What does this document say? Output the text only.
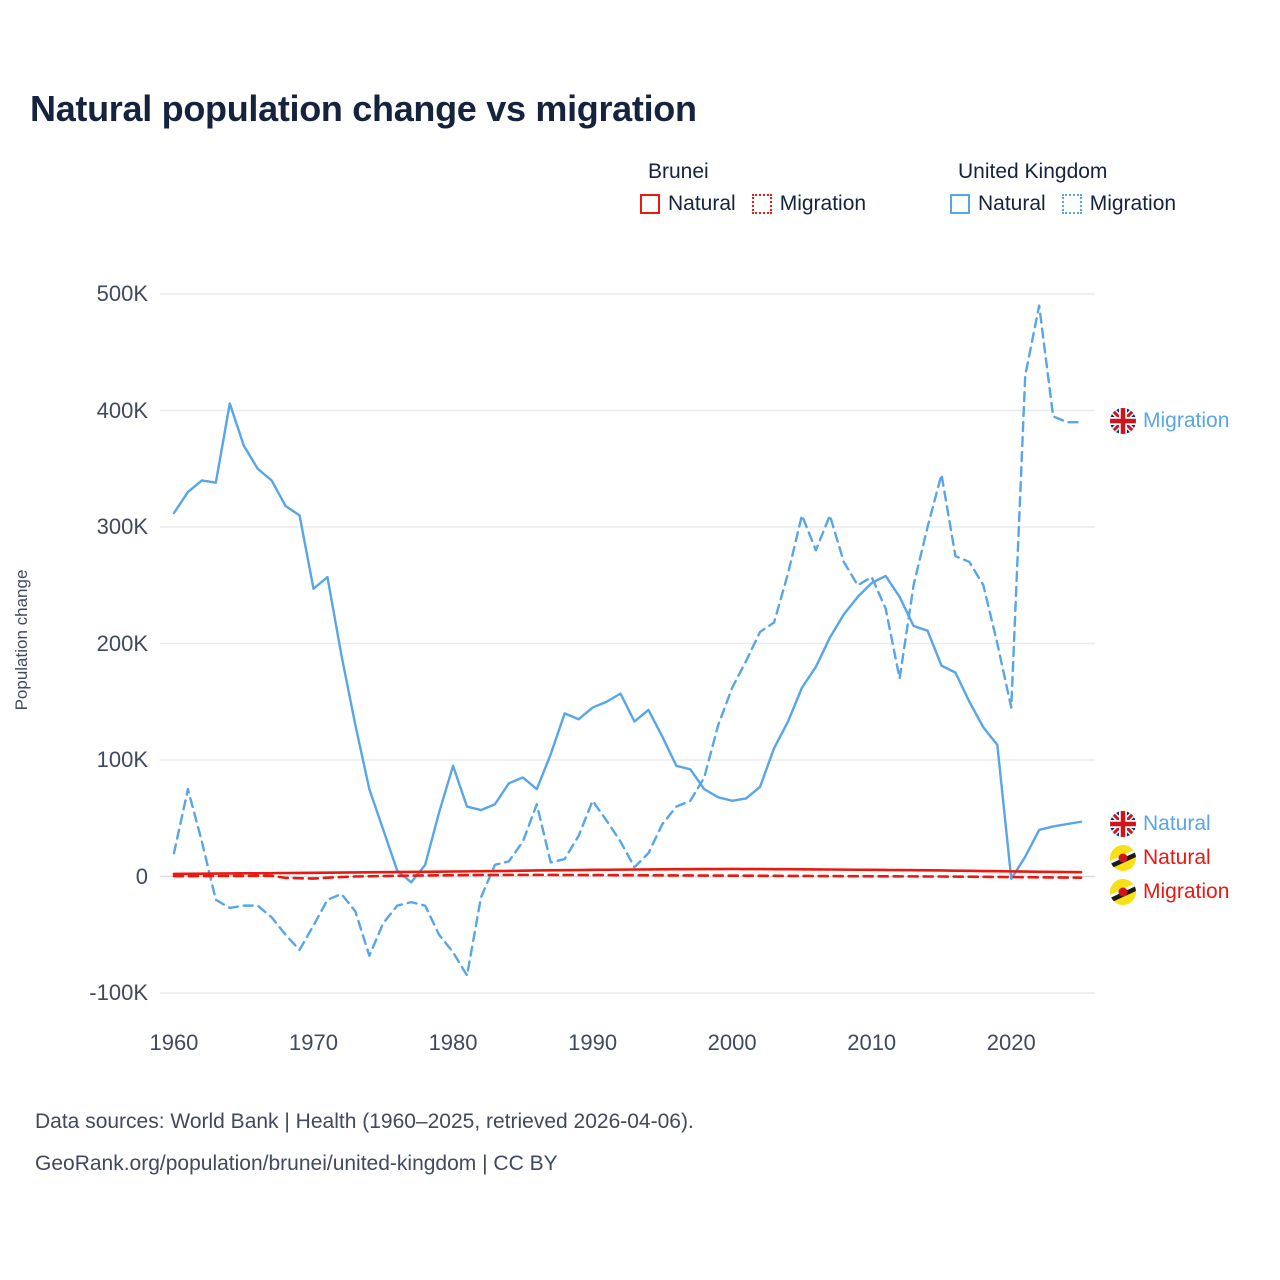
Natural population change vs migration
Brunei
Natural Migration
United Kingdom
Natural Migration
Population change
-100K
0
100K
200K
300K
400K
500K
1960	1970	1980	1990	2000	2010	2020
Migration
Natural
Natural
Migration
Data sources: World Bank | Health (1960–2025, retrieved 2026-04-06).
GeoRank.org/population/brunei/united-kingdom | CC BY
